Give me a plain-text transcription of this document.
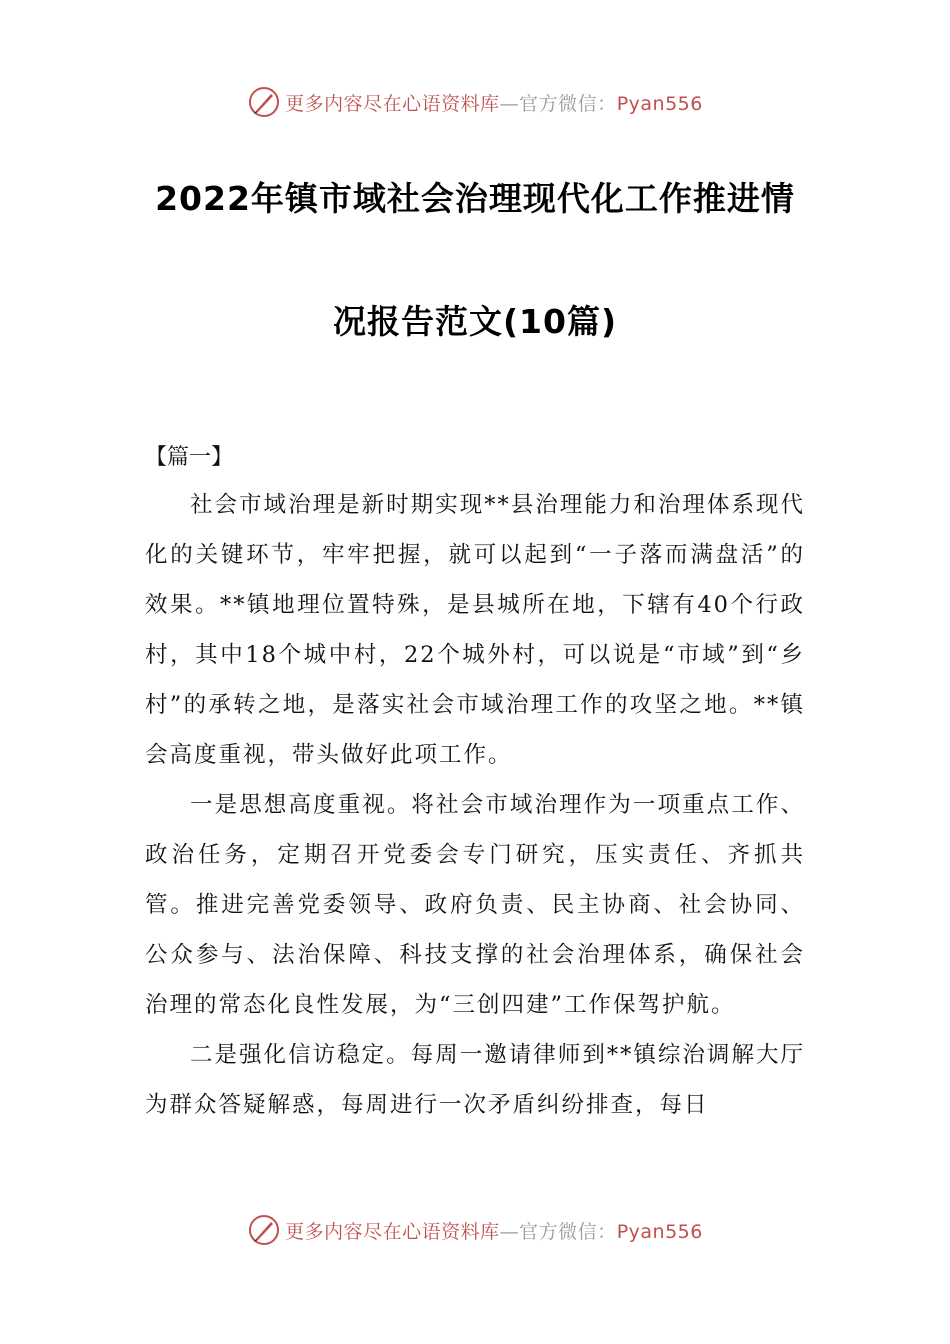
更多内容尽在心语资料库—官方微信：Pyan556
2022年镇市域社会治理现代化工作推进情
况报告范文(10篇)
【篇一】

社会市域治理是新时期实现**县治理能力和治理体系现代化的关键环节，牢牢把握，就可以起到“一子落而满盘活”的效果。**镇地理位置特殊，是县城所在地，下辖有40个行政村，其中18个城中村，22个城外村，可以说是“市域”到“乡村”的承转之地，是落实社会市域治理工作的攻坚之地。**镇会高度重视，带头做好此项工作。

一是思想高度重视。将社会市域治理作为一项重点工作、政治任务，定期召开党委会专门研究，压实责任、齐抓共管。推进完善党委领导、政府负责、民主协商、社会协同、公众参与、法治保障、科技支撑的社会治理体系，确保社会治理的常态化良性发展，为“三创四建”工作保驾护航。

二是强化信访稳定。每周一邀请律师到**镇综治调解大厅为群众答疑解惑，每周进行一次矛盾纠纷排查，每日

更多内容尽在心语资料库—官方微信：Pyan556
